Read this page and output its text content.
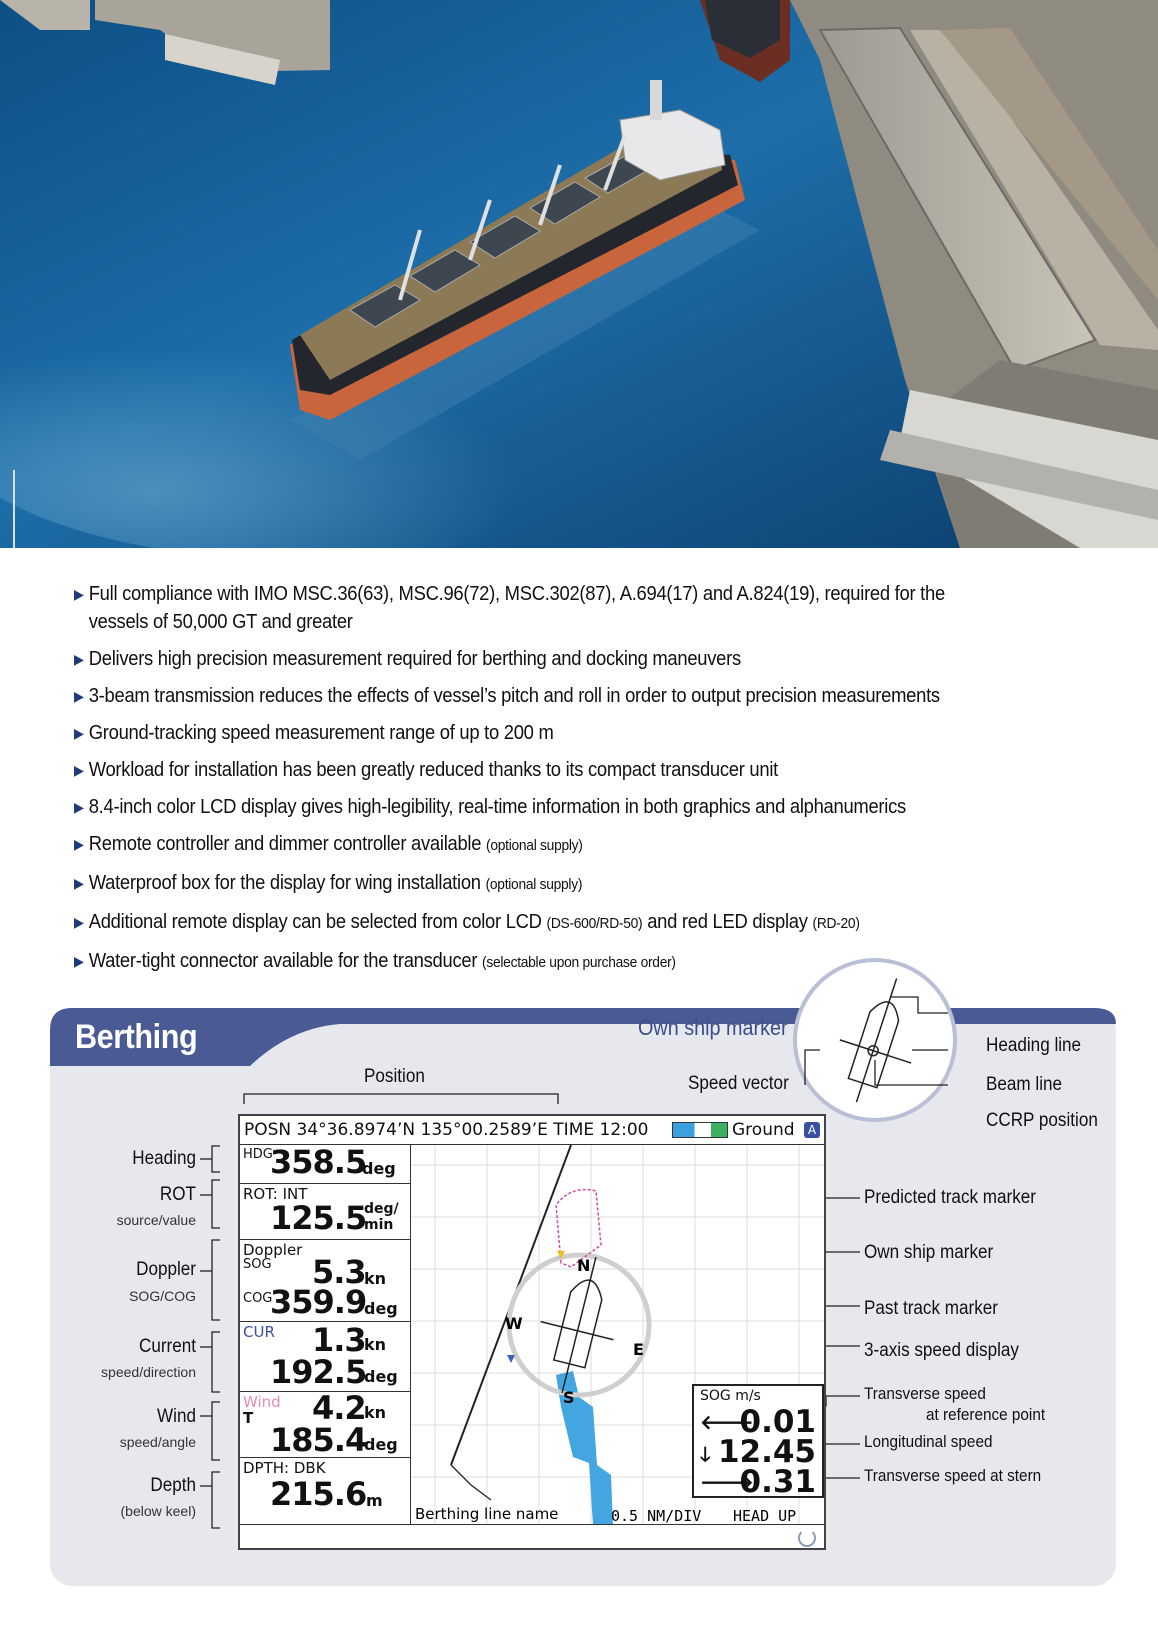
▶ Full compliance with IMO MSC.36(63), MSC.96(72), MSC.302(87), A.694(17) and A.824(19), required for the
vessels of 50,000 GT and greater
▶ Delivers high precision measurement required for berthing and docking maneuvers
▶ 3-beam transmission reduces the effects of vessel’s pitch and roll in order to output precision measurements
▶ Ground-tracking speed measurement range of up to 200 m
▶ Workload for installation has been greatly reduced thanks to its compact transducer unit
▶ 8.4-inch color LCD display gives high-legibility, real-time information in both graphics and alphanumerics
▶ Remote controller and dimmer controller available (optional supply)
▶ Waterproof box for the display for wing installation (optional supply)
▶ Additional remote display can be selected from color LCD (DS-600/RD-50) and red LED display (RD-20)
▶ Water-tight connector available for the transducer (selectable upon purchase order)
Berthing	Own ship marker
Speed vector
Heading line
Beam line
CCRP position
Position
Heading
ROT
source/value
Doppler
SOG/COG
Current
speed/direction
Wind
speed/angle
Depth
(below keel)
Predicted track marker
Own ship marker
Past track marker
3-axis speed display
Transverse speed
at reference point
Longitudinal speed
Transverse speed at stern
POSN 34°36.8974’N 135°00.2589’E TIME 12:00	Ground	A
HDG
358.5
deg
ROT: INT
125.5
deg/
min
Doppler
SOG 5.3
kn
COG
359.9
deg
CUR 1.3
kn
192.5
deg
Wind
T 4.2
kn
185.4
deg
DPTH: DBK
215.6 m
N
E
S
W
Berthing line name	0.5 NM/DIV HEAD UP
SOG m/s
🡐
0.01
🡓 12.45
🡒
0.31
